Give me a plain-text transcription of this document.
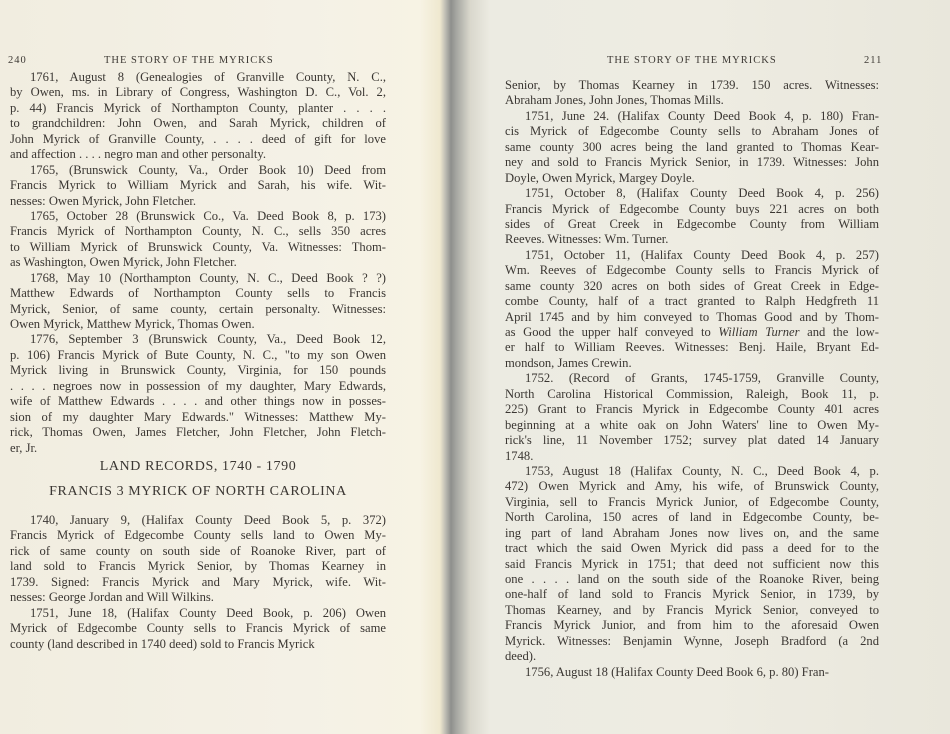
240	THE STORY OF THE MYRICKS
1761, August 8 (Genealogies of Granville County, N. C.,
by Owen, ms. in Library of Congress, Washington D. C., Vol. 2,
p. 44) Francis Myrick of Northampton County, planter . . . .
to grandchildren: John Owen, and Sarah Myrick, children of
John Myrick of Granville County, . . . . deed of gift for love
and affection . . . . negro man and other personalty.
1765, (Brunswick County, Va., Order Book 10) Deed from
Francis Myrick to William Myrick and Sarah, his wife. Wit-
nesses: Owen Myrick, John Fletcher.
1765, October 28 (Brunswick Co., Va. Deed Book 8, p. 173)
Francis Myrick of Northampton County, N. C., sells 350 acres
to William Myrick of Brunswick County, Va. Witnesses: Thom-
as Washington, Owen Myrick, John Fletcher.
1768, May 10 (Northampton County, N. C., Deed Book ? ?)
Matthew Edwards of Northampton County sells to Francis
Myrick, Senior, of same county, certain personalty. Witnesses:
Owen Myrick, Matthew Myrick, Thomas Owen.
1776, September 3 (Brunswick County, Va., Deed Book 12,
p. 106) Francis Myrick of Bute County, N. C., "to my son Owen
Myrick living in Brunswick County, Virginia, for 150 pounds
. . . . negroes now in possession of my daughter, Mary Edwards,
wife of Matthew Edwards . . . . and other things now in posses-
sion of my daughter Mary Edwards." Witnesses: Matthew My-
rick, Thomas Owen, James Fletcher, John Fletcher, John Fletch-
er, Jr.
LAND RECORDS, 1740 - 1790
FRANCIS 3 MYRICK OF NORTH CAROLINA
1740, January 9, (Halifax County Deed Book 5, p. 372)
Francis Myrick of Edgecombe County sells land to Owen My-
rick of same county on south side of Roanoke River, part of
land sold to Francis Myrick Senior, by Thomas Kearney in
1739. Signed: Francis Myrick and Mary Myrick, wife. Wit-
nesses: George Jordan and Will Wilkins.
1751, June 18, (Halifax County Deed Book, p. 206) Owen
Myrick of Edgecombe County sells to Francis Myrick of same
county (land described in 1740 deed) sold to Francis Myrick
THE STORY OF THE MYRICKS	211
Senior, by Thomas Kearney in 1739. 150 acres. Witnesses:
Abraham Jones, John Jones, Thomas Mills.
1751, June 24. (Halifax County Deed Book 4, p. 180) Fran-
cis Myrick of Edgecombe County sells to Abraham Jones of
same county 300 acres being the land granted to Thomas Kear-
ney and sold to Francis Myrick Senior, in 1739. Witnesses: John
Doyle, Owen Myrick, Margey Doyle.
1751, October 8, (Halifax County Deed Book 4, p. 256)
Francis Myrick of Edgecombe County buys 221 acres on both
sides of Great Creek in Edgecombe County from William
Reeves. Witnesses: Wm. Turner.
1751, October 11, (Halifax County Deed Book 4, p. 257)
Wm. Reeves of Edgecombe County sells to Francis Myrick of
same county 320 acres on both sides of Great Creek in Edge-
combe County, half of a tract granted to Ralph Hedgfreth 11
April 1745 and by him conveyed to Thomas Good and by Thom-
as Good the upper half conveyed to William Turner and the low-
er half to William Reeves. Witnesses: Benj. Haile, Bryant Ed-
mondson, James Crewin.
1752. (Record of Grants, 1745-1759, Granville County,
North Carolina Historical Commission, Raleigh, Book 11, p.
225) Grant to Francis Myrick in Edgecombe County 401 acres
beginning at a white oak on John Waters' line to Owen My-
rick's line, 11 November 1752; survey plat dated 14 January
1748.
1753, August 18 (Halifax County, N. C., Deed Book 4, p.
472) Owen Myrick and Amy, his wife, of Brunswick County,
Virginia, sell to Francis Myrick Junior, of Edgecombe County,
North Carolina, 150 acres of land in Edgecombe County, be-
ing part of land Abraham Jones now lives on, and the same
tract which the said Owen Myrick did pass a deed for to the
said Francis Myrick in 1751; that deed not sufficient now this
one . . . . land on the south side of the Roanoke River, being
one-half of land sold to Francis Myrick Senior, in 1739, by
Thomas Kearney, and by Francis Myrick Senior, conveyed to
Francis Myrick Junior, and from him to the aforesaid Owen
Myrick. Witnesses: Benjamin Wynne, Joseph Bradford (a 2nd
deed).
1756, August 18 (Halifax County Deed Book 6, p. 80) Fran-
